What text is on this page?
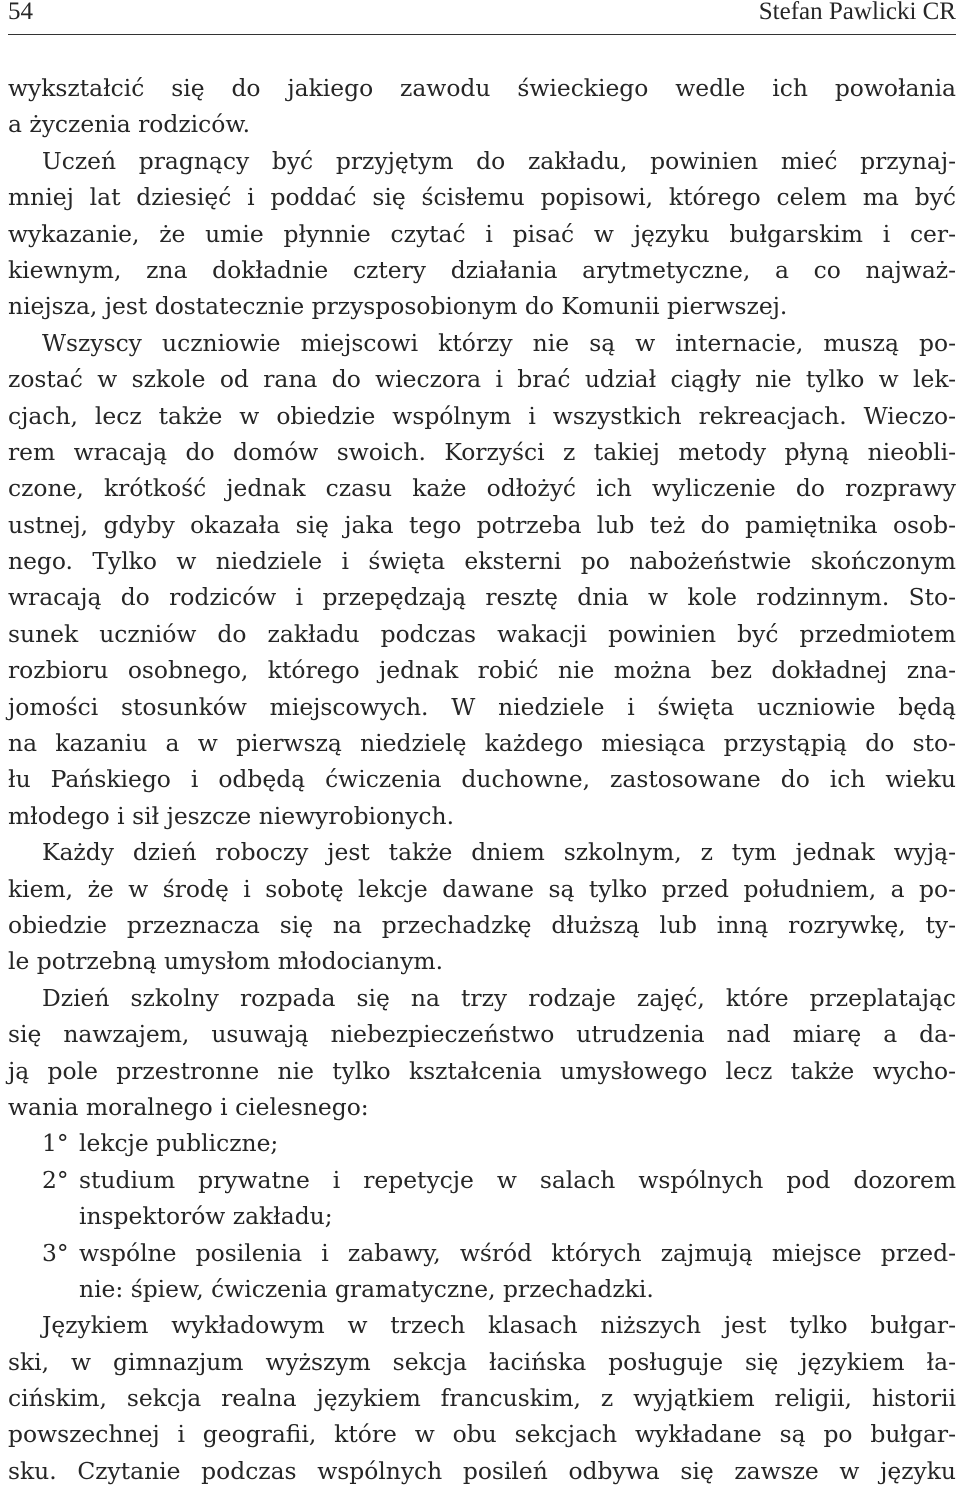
54	Stefan Pawlicki CR
wykształcić się do jakiego zawodu świeckiego wedle ich powołania
a życzenia rodziców.
Uczeń pragnący być przyjętym do zakładu, powinien mieć przynaj-
mniej lat dziesięć i poddać się ścisłemu popisowi, którego celem ma być
wykazanie, że umie płynnie czytać i pisać w języku bułgarskim i cer-
kiewnym, zna dokładnie cztery działania arytmetyczne, a co najważ-
niejsza, jest dostatecznie przysposobionym do Komunii pierwszej.
Wszyscy uczniowie miejscowi którzy nie są w internacie, muszą po-
zostać w szkole od rana do wieczora i brać udział ciągły nie tylko w lek-
cjach, lecz także w obiedzie wspólnym i wszystkich rekreacjach. Wieczo-
rem wracają do domów swoich. Korzyści z takiej metody płyną nieobli-
czone, krótkość jednak czasu każe odłożyć ich wyliczenie do rozprawy
ustnej, gdyby okazała się jaka tego potrzeba lub też do pamiętnika osob-
nego. Tylko w niedziele i święta eksterni po nabożeństwie skończonym
wracają do rodziców i przepędzają resztę dnia w kole rodzinnym. Sto-
sunek uczniów do zakładu podczas wakacji powinien być przedmiotem
rozbioru osobnego, którego jednak robić nie można bez dokładnej zna-
jomości stosunków miejscowych. W niedziele i święta uczniowie będą
na kazaniu a w pierwszą niedzielę każdego miesiąca przystąpią do sto-
łu Pańskiego i odbędą ćwiczenia duchowne, zastosowane do ich wieku
młodego i sił jeszcze niewyrobionych.
Każdy dzień roboczy jest także dniem szkolnym, z tym jednak wyją-
kiem, że w środę i sobotę lekcje dawane są tylko przed południem, a po-
obiedzie przeznacza się na przechadzkę dłuższą lub inną rozrywkę, ty-
le potrzebną umysłom młodocianym.
Dzień szkolny rozpada się na trzy rodzaje zajęć, które przeplatając
się nawzajem, usuwają niebezpieczeństwo utrudzenia nad miarę a da-
ją pole przestronne nie tylko kształcenia umysłowego lecz także wycho-
wania moralnego i cielesnego:
1° lekcje publiczne;
2° studium prywatne i repetycje w salach wspólnych pod dozorem
inspektorów zakładu;
3° wspólne posilenia i zabawy, wśród których zajmują miejsce przed-
nie: śpiew, ćwiczenia gramatyczne, przechadzki.
Językiem wykładowym w trzech klasach niższych jest tylko bułgar-
ski, w gimnazjum wyższym sekcja łacińska posługuje się językiem ła-
cińskim, sekcja realna językiem francuskim, z wyjątkiem religii, historii
powszechnej i geografii, które w obu sekcjach wykładane są po bułgar-
sku. Czytanie podczas wspólnych posileń odbywa się zawsze w języku
